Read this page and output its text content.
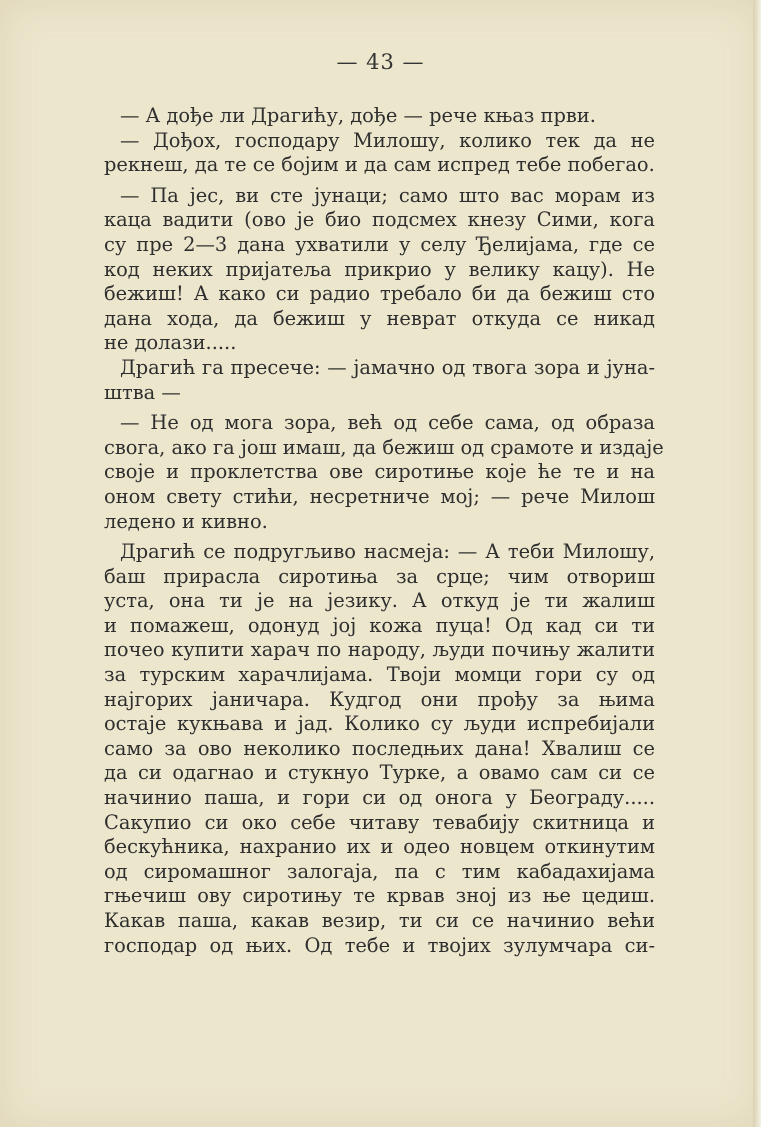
— 43 —
— А дође ли Драгићу, дође — рече књаз први.
— Дођох, господару Милошу, колико тек да не
рекнеш, да те се бојим и да сам испред тебе побегао.
— Па јес, ви сте јунаци; само што вас морам из
каца вадити (ово је био подсмех кнезу Сими, кога
су пре 2—3 дана ухватили у селу Ђелијама, где се
код неких пријатеља прикрио у велику кацу). Не
бежиш! А како си радио требало би да бежиш сто
дана хода, да бежиш у неврат откуда се никад
не долази.....
Драгић га пресече: — јамачно од твога зора и јуна-
штва —
— Не од мога зора, већ од себе сама, од образа
свога, ако га још имаш, да бежиш од срамоте и издаје
своје и проклетства ове сиротиње које ће те и на
оном свету стићи, несретниче мој; — рече Милош
ледено и кивно.
Драгић се подругљиво насмеја: — А теби Милошу,
баш прирасла сиротиња за срце; чим отвориш
уста, она ти је на језику. А откуд је ти жалиш
и помажеш, одонуд јој кожа пуца! Од кад си ти
почео купити харач по народу, људи почињу жалити
за турским харачлијама. Твоји момци гори су од
најгорих јаничара. Кудгод они прођу за њима
остаје кукњава и јад. Колико су људи испребијали
само за ово неколико последњих дана! Хвалиш се
да си одагнао и стукнуо Турке, а овамо сам си се
начинио паша, и гори си од онога у Београду.....
Сакупио си око себе читаву тевабију скитница и
бескућника, нахранио их и одео новцем откинутим
од сиромашног залогаја, па с тим кабадахијама
гњечиш ову сиротињу те крвав зној из ње цедиш.
Какав паша, какав везир, ти си се начинио већи
господар од њих. Од тебе и твојих зулумчара си-
